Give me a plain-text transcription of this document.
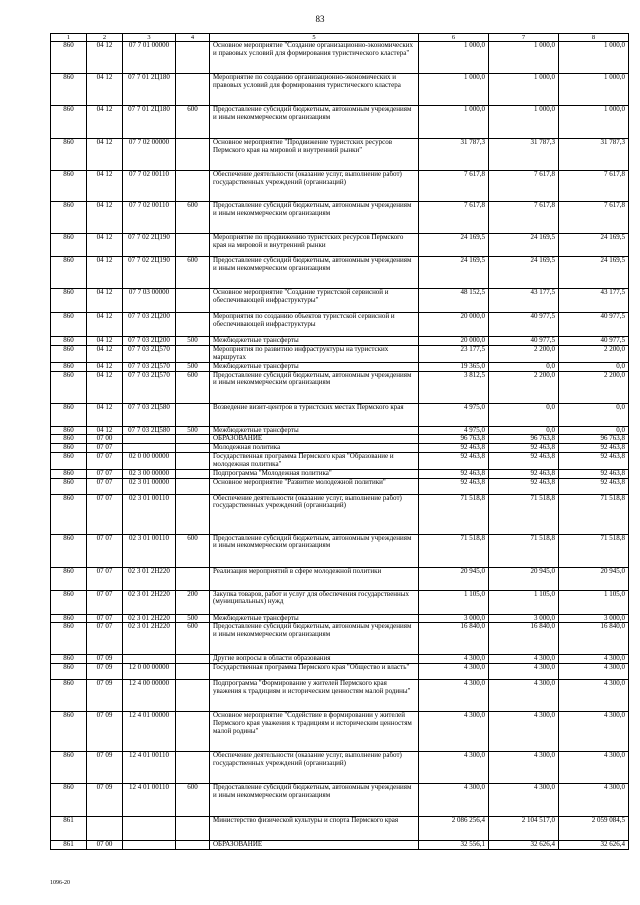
83
1	2	3	4	5	6	7	8
860	04 12	07 7 01 00000		Основное мероприятие "Создание организационно-экономических и правовых условий для формирования туристического кластера"	1 000,0	1 000,0	1 000,0
860	04 12	07 7 01 2Ц180		Мероприятие по созданию организационно-экономических и правовых условий для формирования туристического кластера	1 000,0	1 000,0	1 000,0
860	04 12	07 7 01 2Ц180	600	Предоставление субсидий бюджетным, автономным учреждениям и иным некоммерческим организациям	1 000,0	1 000,0	1 000,0
860	04 12	07 7 02 00000		Основное мероприятие "Продвижение туристских ресурсов Пермского края на мировой и внутренний рынки"	31 787,3	31 787,3	31 787,3
860	04 12	07 7 02 00110		Обеспечение деятельности (оказание услуг, выполнение работ) государственных учреждений (организаций)	7 617,8	7 617,8	7 617,8
860	04 12	07 7 02 00110	600	Предоставление субсидий бюджетным, автономным учреждениям и иным некоммерческим организациям	7 617,8	7 617,8	7 617,8
860	04 12	07 7 02 2Ц190		Мероприятие по продвижению туристских ресурсов Пермского края на мировой и внутренний рынки	24 169,5	24 169,5	24 169,5
860	04 12	07 7 02 2Ц190	600	Предоставление субсидий бюджетным, автономным учреждениям и иным некоммерческим организациям	24 169,5	24 169,5	24 169,5
860	04 12	07 7 03 00000		Основное мероприятие "Создание туристской сервисной и обеспечивающей инфраструктуры"	48 152,5	43 177,5	43 177,5
860	04 12	07 7 03 2Ц200		Мероприятия по созданию объектов туристской сервисной и обеспечивающей инфраструктуры	20 000,0	40 977,5	40 977,5
860	04 12	07 7 03 2Ц200	500	Межбюджетные трансферты	20 000,0	40 977,5	40 977,5
860	04 12	07 7 03 2Ц570		Мероприятия по развитию инфраструктуры на туристских маршрутах	23 177,5	2 200,0	2 200,0
860	04 12	07 7 03 2Ц570	500	Межбюджетные трансферты	19 365,0	0,0	0,0
860	04 12	07 7 03 2Ц570	600	Предоставление субсидий бюджетным, автономным учреждениям и иным некоммерческим организациям	3 812,5	2 200,0	2 200,0
860	04 12	07 7 03 2Ц580		Возведение визит-центров в туристских местах Пермского края	4 975,0	0,0	0,0
860	04 12	07 7 03 2Ц580	500	Межбюджетные трансферты	4 975,0	0,0	0,0
860	07 00			ОБРАЗОВАНИЕ	96 763,8	96 763,8	96 763,8
860	07 07			Молодежная политика	92 463,8	92 463,8	92 463,8
860	07 07	02 0 00 00000		Государственная программа Пермского края "Образование и молодежная политика"	92 463,8	92 463,8	92 463,8
860	07 07	02 3 00 00000		Подпрограмма "Молодежная политика"	92 463,8	92 463,8	92 463,8
860	07 07	02 3 01 00000		Основное мероприятие "Развитие молодежной политики"	92 463,8	92 463,8	92 463,8
860	07 07	02 3 01 00110		Обеспечение деятельности (оказание услуг, выполнение работ) государственных учреждений (организаций)	71 518,8	71 518,8	71 518,8
860	07 07	02 3 01 00110	600	Предоставление субсидий бюджетным, автономным учреждениям и иным некоммерческим организациям	71 518,8	71 518,8	71 518,8
860	07 07	02 3 01 2Н220		Реализация мероприятий в сфере молодежной политики	20 945,0	20 945,0	20 945,0
860	07 07	02 3 01 2Н220	200	Закупка товаров, работ и услуг для обеспечения государственных (муниципальных) нужд	1 105,0	1 105,0	1 105,0
860	07 07	02 3 01 2Н220	500	Межбюджетные трансферты	3 000,0	3 000,0	3 000,0
860	07 07	02 3 01 2Н220	600	Предоставление субсидий бюджетным, автономным учреждениям и иным некоммерческим организациям	16 840,0	16 840,0	16 840,0
860	07 09			Другие вопросы в области образования	4 300,0	4 300,0	4 300,0
860	07 09	12 0 00 00000		Государственная программа Пермского края "Общество и власть"	4 300,0	4 300,0	4 300,0
860	07 09	12 4 00 00000		Подпрограмма "Формирование у жителей Пермского края уважения к традициям и историческим ценностям малой родины"	4 300,0	4 300,0	4 300,0
860	07 09	12 4 01 00000		Основное мероприятие "Содействие в формировании у жителей Пермского края уважения к традициям и историческим ценностям малой родины"	4 300,0	4 300,0	4 300,0
860	07 09	12 4 01 00110		Обеспечение деятельности (оказание услуг, выполнение работ) государственных учреждений (организаций)	4 300,0	4 300,0	4 300,0
860	07 09	12 4 01 00110	600	Предоставление субсидий бюджетным, автономным учреждениям и иным некоммерческим организациям	4 300,0	4 300,0	4 300,0
861				Министерство физической культуры и спорта Пермского края	2 086 256,4	2 104 517,0	2 059 084,5
861	07 00			ОБРАЗОВАНИЕ	32 556,1	32 626,4	32 626,4
1096-20
